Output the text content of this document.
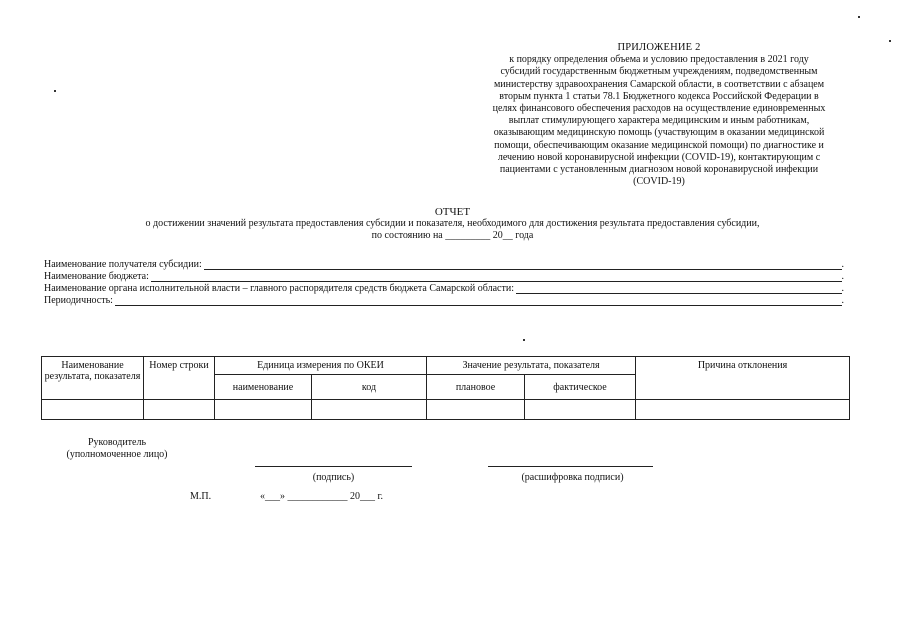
ПРИЛОЖЕНИЕ 2
к порядку определения объема и условию предоставления в 2021 году
субсидий государственным бюджетным учреждениям, подведомственным
министерству здравоохранения Самарской области, в соответствии с абзацем
вторым пункта 1 статьи 78.1 Бюджетного кодекса Российской Федерации в
целях финансового обеспечения расходов на осуществление единовременных
выплат стимулирующего характера медицинским и иным работникам,
оказывающим медицинскую помощь (участвующим в оказании медицинской
помощи, обеспечивающим оказание медицинской помощи) по диагностике и
лечению новой коронавирусной инфекции (COVID-19), контактирующим с
пациентами с установленным диагнозом новой коронавирусной инфекции
(COVID-19)
ОТЧЕТ
о достижении значений результата предоставления субсидии и показателя, необходимого для достижения результата предоставления субсидии,
по состоянию на _________ 20__ года
Наименование получателя субсидии:	.
Наименование бюджета:	.
Наименование органа исполнительной власти – главного распорядителя средств бюджета Самарской области:	.
Периодичность:	.
Наименование результата, показателя	Номер строки	Единица измерения по ОКЕИ		Значение результата, показателя		Причина отклонения
		наименование	код	плановое	фактическое	

Руководитель
(уполномоченное лицо)
(подпись)	(расшифровка подписи)
М.П.	«___» ____________ 20___ г.
